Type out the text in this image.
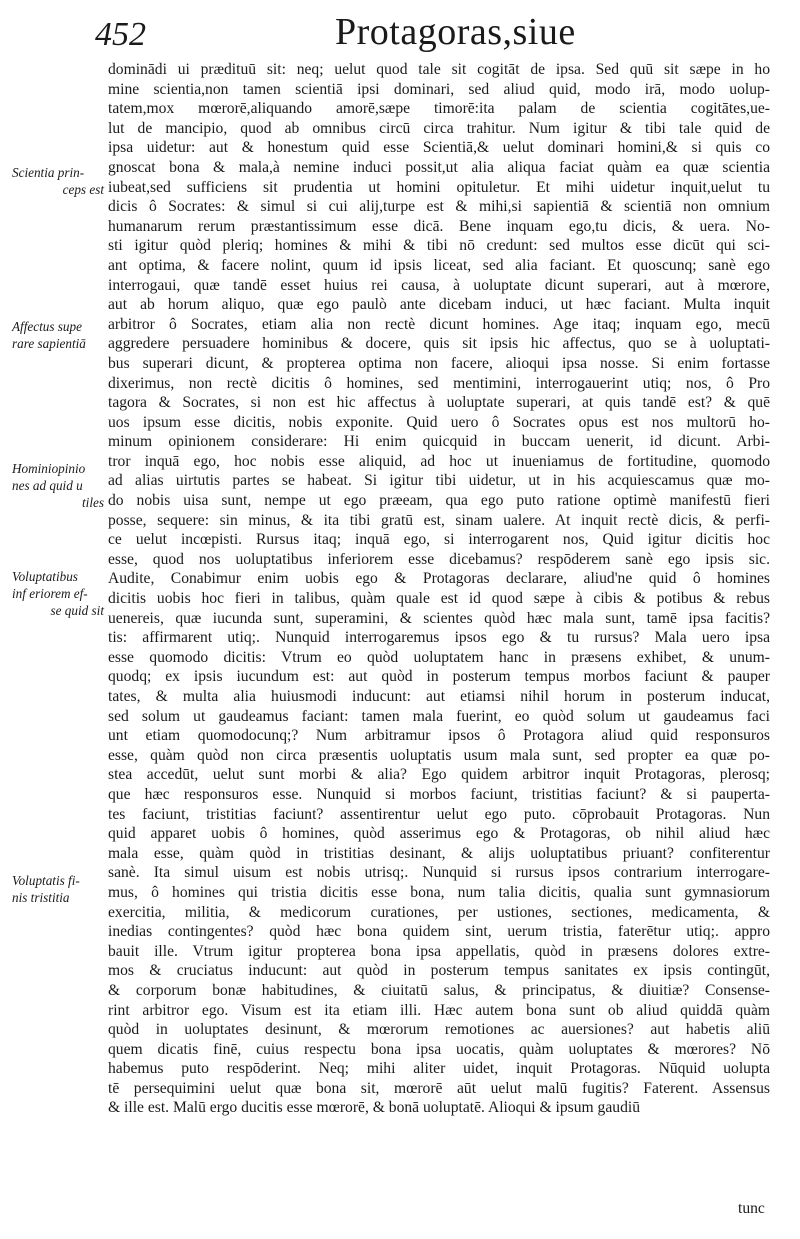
452	Protagoras,siue
Scientia prin-
ceps est
Affectus supe
rare sapientiā
Hominiopinio
nes ad quid u
tiles
Voluptatibus
inf eriorem ef-
se quid sit
Voluptatis fi-
nis tristitia
dominādi ui prædituū sit: neq; uelut quod tale sit cogitāt de ipsa. Sed quū sit sæpe in ho
mine scientia,non tamen scientiā ipsi dominari, sed aliud quid, modo irā, modo uolup-
tatem,mox mœrorē,aliquando amorē,sæpe timorē:ita palam de scientia cogitātes,ue-
lut de mancipio, quod ab omnibus circū circa trahitur. Num igitur & tibi tale quid de
ipsa uidetur: aut & honestum quid esse Scientiā,& uelut dominari homini,& si quis co
gnoscat bona & mala,à nemine induci possit,ut alia aliqua faciat quàm ea quæ scientia
iubeat,sed sufficiens sit prudentia ut homini opituletur. Et mihi uidetur inquit,uelut tu
dicis ô Socrates: & simul si cui alij,turpe est & mihi,si sapientiā & scientiā non omnium
humanarum rerum præstantissimum esse dicā. Bene inquam ego,tu dicis, & uera. No-
sti igitur quòd pleriq; homines & mihi & tibi nō credunt: sed multos esse dicūt qui sci-
ant optima, & facere nolint, quum id ipsis liceat, sed alia faciant. Et quoscunq; sanè ego
interrogaui, quæ tandē esset huius rei causa, à uoluptate dicunt superari, aut à mœrore,
aut ab horum aliquo, quæ ego paulò ante dicebam induci, ut hæc faciant. Multa inquit
arbitror ô Socrates, etiam alia non rectè dicunt homines. Age itaq; inquam ego, mecū
aggredere persuadere hominibus & docere, quis sit ipsis hic affectus, quo se à uoluptati-
bus superari dicunt, & propterea optima non facere, alioqui ipsa nosse. Si enim fortasse
dixerimus, non rectè dicitis ô homines, sed mentimini, interrogauerint utiq; nos, ô Pro
tagora & Socrates, si non est hic affectus à uoluptate superari, at quis tandē est? & quē
uos ipsum esse dicitis, nobis exponite. Quid uero ô Socrates opus est nos multorū ho-
minum opinionem considerare: Hi enim quicquid in buccam uenerit, id dicunt. Arbi-
tror inquā ego, hoc nobis esse aliquid, ad hoc ut inueniamus de fortitudine, quomodo
ad alias uirtutis partes se habeat. Si igitur tibi uidetur, ut in his acquiescamus quæ mo-
do nobis uisa sunt, nempe ut ego præeam, qua ego puto ratione optimè manifestū fieri
posse, sequere: sin minus, & ita tibi gratū est, sinam ualere. At inquit rectè dicis, & perfi-
ce uelut incœpisti. Rursus itaq; inquā ego, si interrogarent nos, Quid igitur dicitis hoc
esse, quod nos uoluptatibus inferiorem esse dicebamus? respōderem sanè ego ipsis sic.
Audite, Conabimur enim uobis ego & Protagoras declarare, aliud'ne quid ô homines
dicitis uobis hoc fieri in talibus, quàm quale est id quod sæpe à cibis & potibus & rebus
uenereis, quæ iucunda sunt, superamini, & scientes quòd hæc mala sunt, tamē ipsa facitis?
tis: affirmarent utiq;. Nunquid interrogaremus ipsos ego & tu rursus? Mala uero ipsa
esse quomodo dicitis: Vtrum eo quòd uoluptatem hanc in præsens exhibet, & unum-
quodq; ex ipsis iucundum est: aut quòd in posterum tempus morbos faciunt & pauper
tates, & multa alia huiusmodi inducunt: aut etiamsi nihil horum in posterum inducat,
sed solum ut gaudeamus faciant: tamen mala fuerint, eo quòd solum ut gaudeamus faci
unt etiam quomodocunq;? Num arbitramur ipsos ô Protagora aliud quid responsuros
esse, quàm quòd non circa præsentis uoluptatis usum mala sunt, sed propter ea quæ po-
stea accedūt, uelut sunt morbi & alia? Ego quidem arbitror inquit Protagoras, plerosq;
que hæc responsuros esse. Nunquid si morbos faciunt, tristitias faciunt? & si pauperta-
tes faciunt, tristitias faciunt? assentirentur uelut ego puto. cōprobauit Protagoras. Nun
quid apparet uobis ô homines, quòd asserimus ego & Protagoras, ob nihil aliud hæc
mala esse, quàm quòd in tristitias desinant, & alijs uoluptatibus priuant? confiterentur
sanè. Ita simul uisum est nobis utrisq;. Nunquid si rursus ipsos contrarium interrogare-
mus, ô homines qui tristia dicitis esse bona, num talia dicitis, qualia sunt gymnasiorum
exercitia, militia, & medicorum curationes, per ustiones, sectiones, medicamenta, &
inedias contingentes? quòd hæc bona quidem sint, uerum tristia, faterētur utiq;. appro
bauit ille. Vtrum igitur propterea bona ipsa appellatis, quòd in præsens dolores extre-
mos & cruciatus inducunt: aut quòd in posterum tempus sanitates ex ipsis contingūt,
& corporum bonæ habitudines, & ciuitatū salus, & principatus, & diuitiæ? Consense-
rint arbitror ego. Visum est ita etiam illi. Hæc autem bona sunt ob aliud quiddā quàm
quòd in uoluptates desinunt, & mœrorum remotiones ac auersiones? aut habetis aliū
quem dicatis finē, cuius respectu bona ipsa uocatis, quàm uoluptates & mœrores? Nō
habemus puto respōderint. Neq; mihi aliter uidet, inquit Protagoras. Nūquid uolupta
tē persequimini uelut quæ bona sit, mœrorē aūt uelut malū fugitis? Faterent. Assensus
& ille est. Malū ergo ducitis esse mœrorē, & bonā uoluptatē. Alioqui & ipsum gaudiū
tunc
